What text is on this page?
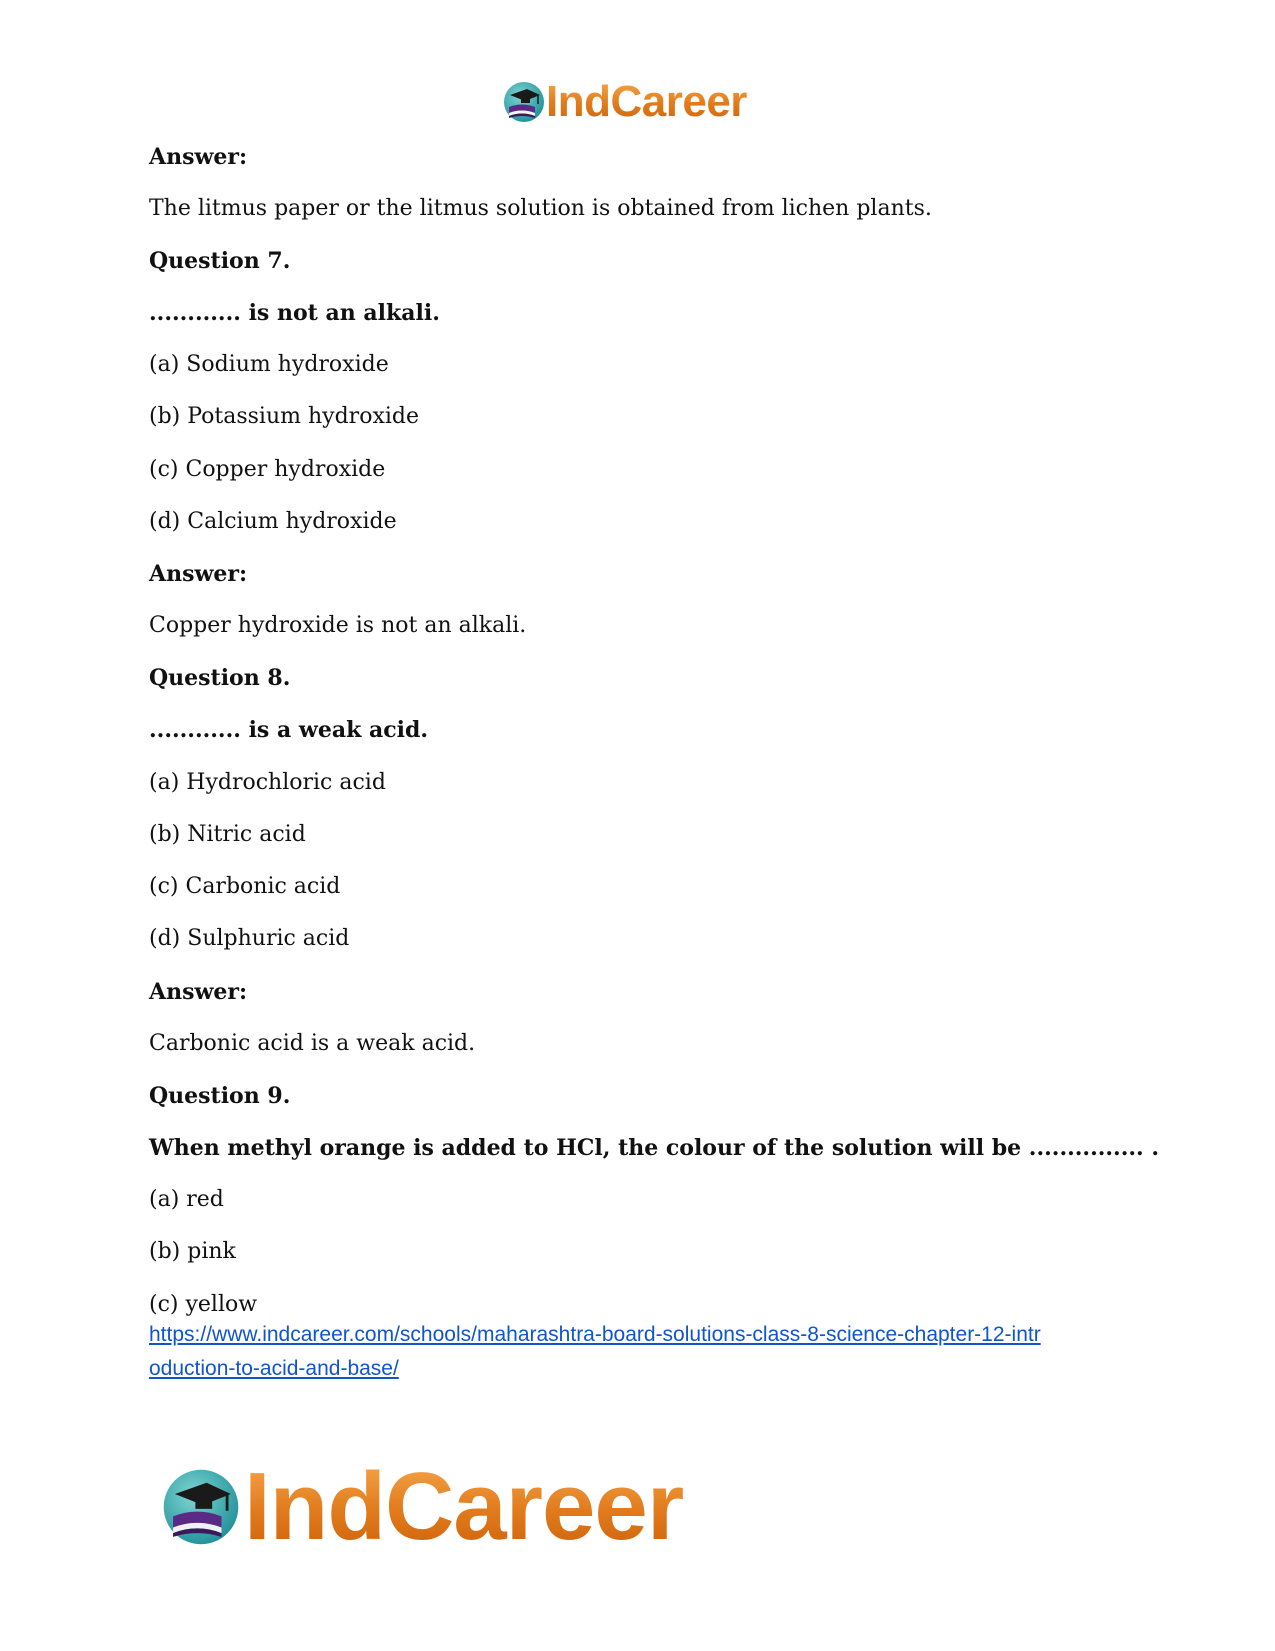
IndCareer

Answer:

The litmus paper or the litmus solution is obtained from lichen plants.

Question 7.

............ is not an alkali.

(a) Sodium hydroxide

(b) Potassium hydroxide

(c) Copper hydroxide

(d) Calcium hydroxide

Answer:

Copper hydroxide is not an alkali.

Question 8.

............ is a weak acid.

(a) Hydrochloric acid

(b) Nitric acid

(c) Carbonic acid

(d) Sulphuric acid

Answer:

Carbonic acid is a weak acid.

Question 9.

When methyl orange is added to HCl, the colour of the solution will be ............... .

(a) red

(b) pink

(c) yellow

https://www.indcareer.com/schools/maharashtra-board-solutions-class-8-science-chapter-12-intr
oduction-to-acid-and-base/
IndCareer
